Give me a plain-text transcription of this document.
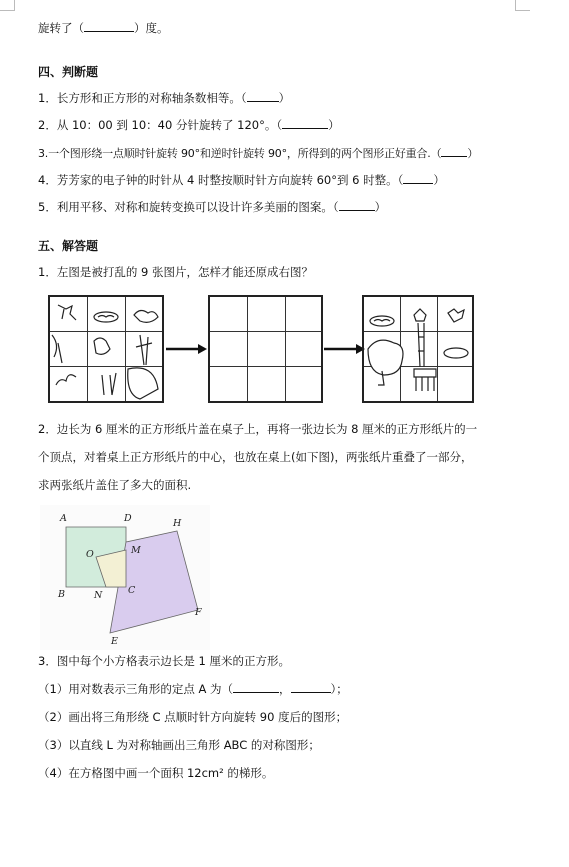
旋转了（	）度。
四、判断题
1．长方形和正方形的对称轴条数相等。（	）
2．从 10：00 到 10：40 分针旋转了 120°。（	）
3.一个图形绕一点顺时针旋转 90°和逆时针旋转 90°，所得到的两个图形正好重合.（ ）
4．芳芳家的电子钟的时针从 4 时整按顺时针方向旋转 60°到 6 时整。（	）
5．利用平移、对称和旋转变换可以设计许多美丽的图案。（	）
五、解答题
1．左图是被打乱的 9 张图片，怎样才能还原成右图？
2．边长为 6 厘米的正方形纸片盖在桌子上，再将一张边长为 8 厘米的正方形纸片的一
个顶点，对着桌上正方形纸片的中心，也放在桌上(如下图)，两张纸片重叠了一部分，
求两张纸片盖住了多大的面积.
A	D	H
O	M
B	N	C
F
E
3．图中每个小方格表示边长是 1 厘米的正方形。
（1）用对数表示三角形的定点 A 为（	，	）；
（2）画出将三角形绕 C 点顺时针方向旋转 90 度后的图形；
（3）以直线 L 为对称轴画出三角形 ABC 的对称图形；
（4）在方格图中画一个面积 12cm² 的梯形。
